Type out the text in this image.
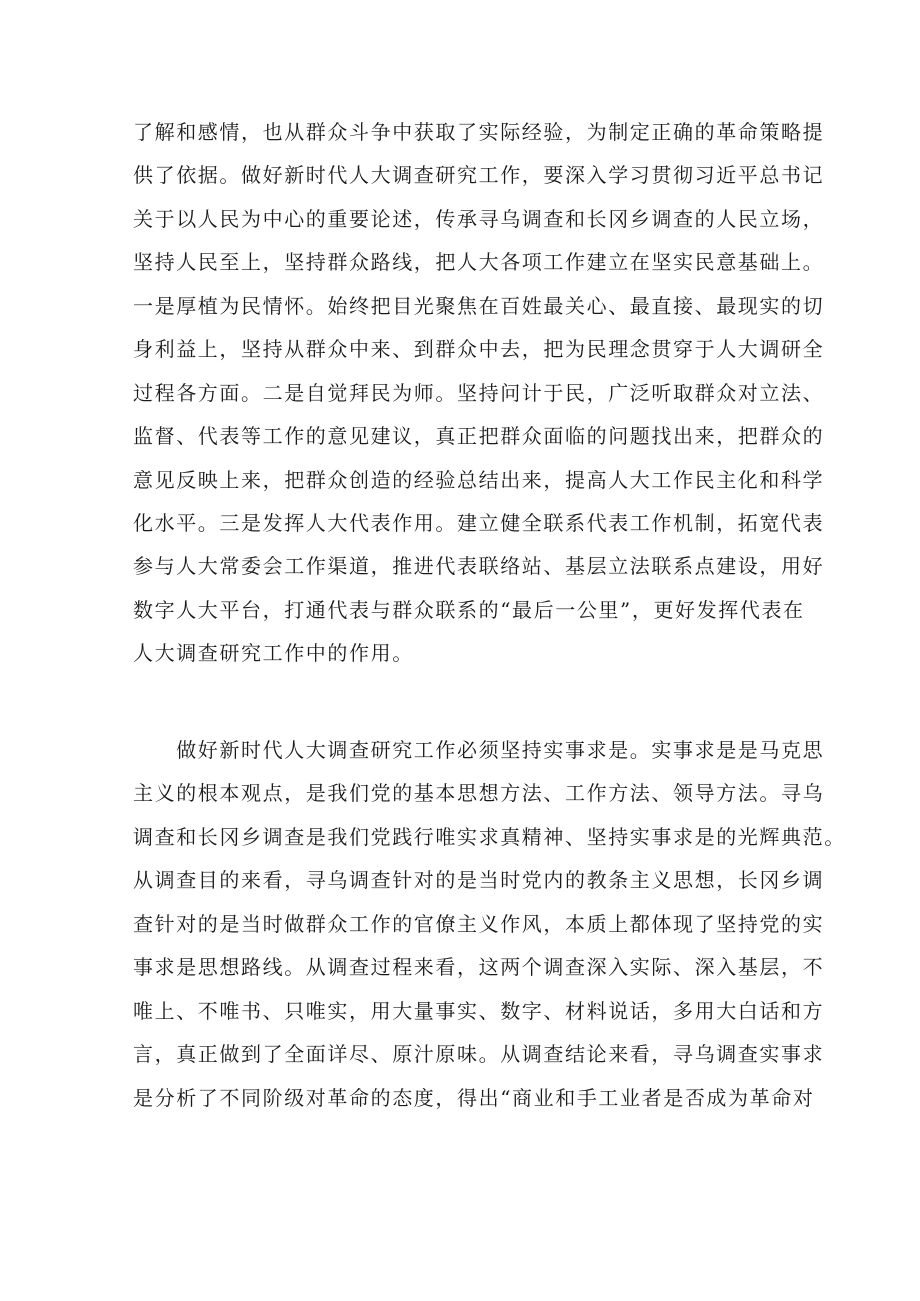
了解和感情，也从群众斗争中获取了实际经验，为制定正确的革命策略提
供了依据。做好新时代人大调查研究工作，要深入学习贯彻习近平总书记
关于以人民为中心的重要论述，传承寻乌调查和长冈乡调查的人民立场，
坚持人民至上，坚持群众路线，把人大各项工作建立在坚实民意基础上。
一是厚植为民情怀。始终把目光聚焦在百姓最关心、最直接、最现实的切
身利益上，坚持从群众中来、到群众中去，把为民理念贯穿于人大调研全
过程各方面。二是自觉拜民为师。坚持问计于民，广泛听取群众对立法、
监督、代表等工作的意见建议，真正把群众面临的问题找出来，把群众的
意见反映上来，把群众创造的经验总结出来，提高人大工作民主化和科学
化水平。三是发挥人大代表作用。建立健全联系代表工作机制，拓宽代表
参与人大常委会工作渠道，推进代表联络站、基层立法联系点建设，用好
数字人大平台，打通代表与群众联系的“最后一公里”，更好发挥代表在
人大调查研究工作中的作用。
　　做好新时代人大调查研究工作必须坚持实事求是。实事求是是马克思
主义的根本观点，是我们党的基本思想方法、工作方法、领导方法。寻乌
调查和长冈乡调查是我们党践行唯实求真精神、坚持实事求是的光辉典范。
从调查目的来看，寻乌调查针对的是当时党内的教条主义思想，长冈乡调
查针对的是当时做群众工作的官僚主义作风，本质上都体现了坚持党的实
事求是思想路线。从调查过程来看，这两个调查深入实际、深入基层，不
唯上、不唯书、只唯实，用大量事实、数字、材料说话，多用大白话和方
言，真正做到了全面详尽、原汁原味。从调查结论来看，寻乌调查实事求
是分析了不同阶级对革命的态度，得出“商业和手工业者是否成为革命对
